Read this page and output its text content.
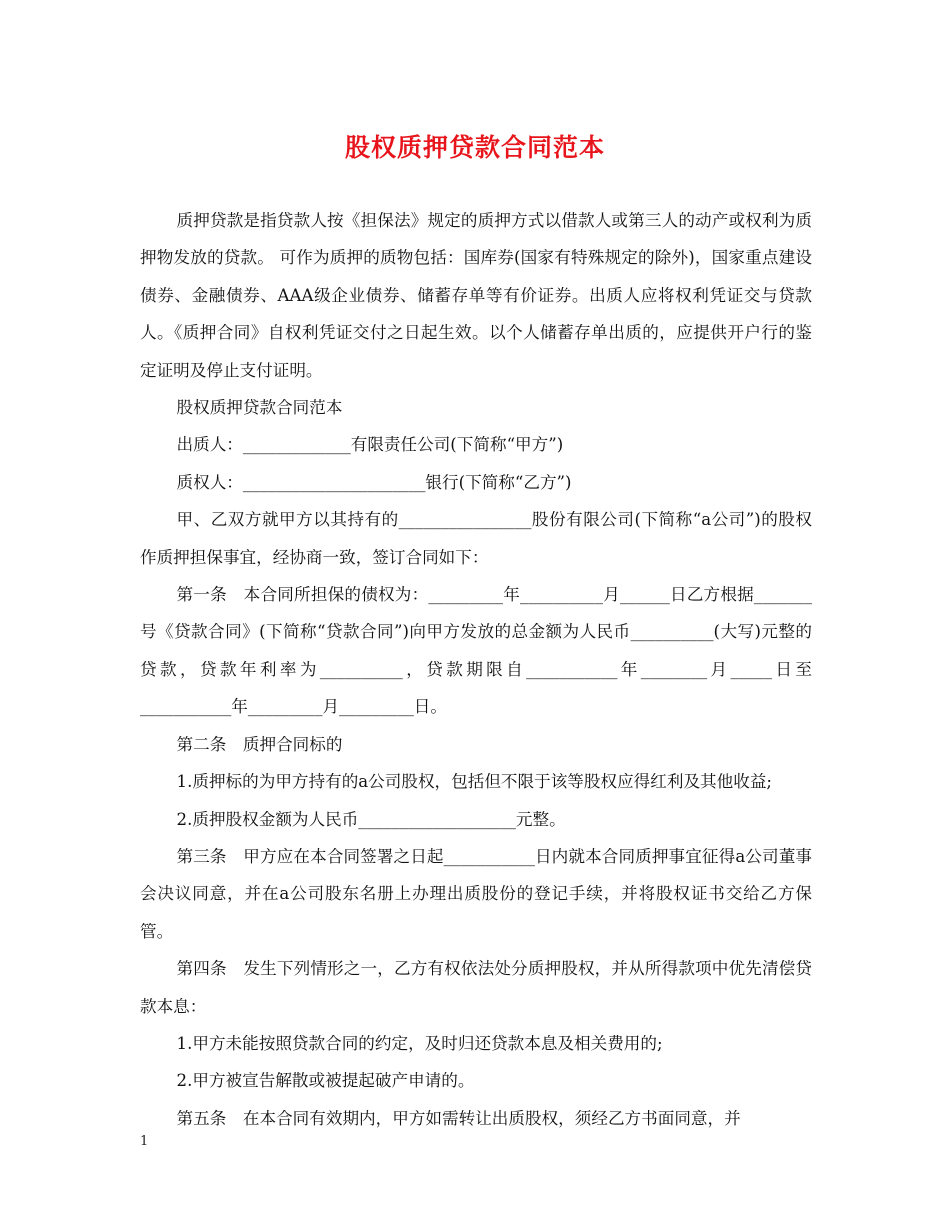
股权质押贷款合同范本

质押贷款是指贷款人按《担保法》规定的质押方式以借款人或第三人的动产或权利为质押物发放的贷款。 可作为质押的质物包括：国库券(国家有特殊规定的除外)，国家重点建设债券、金融债券、AAA级企业债券、储蓄存单等有价证券。出质人应将权利凭证交与贷款人。《质押合同》自权利凭证交付之日起生效。以个人储蓄存单出质的，应提供开户行的鉴定证明及停止支付证明。

股权质押贷款合同范本

出质人：_____________有限责任公司(下简称“甲方”)

质权人：______________________银行(下简称“乙方”)

甲、乙双方就甲方以其持有的________________股份有限公司(下简称“a公司”)的股权作质押担保事宜，经协商一致，签订合同如下：

第一条　本合同所担保的债权为：_________年__________月______日乙方根据_______号《贷款合同》(下简称“贷款合同”)向甲方发放的总金额为人民币__________(大写)元整的贷款，贷款年利率为__________，贷款期限自___________年________月_____日至___________年_________月_________日。

第二条　质押合同标的

1.质押标的为甲方持有的a公司股权，包括但不限于该等股权应得红利及其他收益;

2.质押股权金额为人民币___________________元整。

第三条　甲方应在本合同签署之日起___________日内就本合同质押事宜征得a公司董事会决议同意，并在a公司股东名册上办理出质股份的登记手续，并将股权证书交给乙方保管。

第四条　发生下列情形之一，乙方有权依法处分质押股权，并从所得款项中优先清偿贷款本息：

1.甲方未能按照贷款合同的约定，及时归还贷款本息及相关费用的;

2.甲方被宣告解散或被提起破产申请的。

第五条　在本合同有效期内，甲方如需转让出质股权，须经乙方书面同意，并

1
